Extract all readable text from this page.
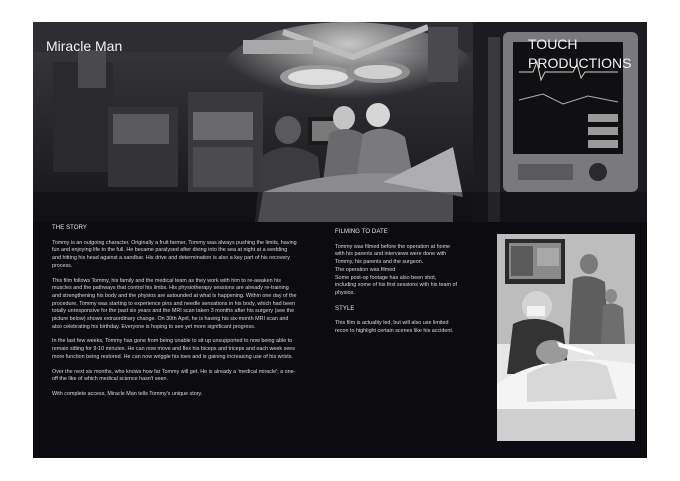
Miracle Man	TOUCH
PRODUCTIONS
THE STORY

Tommy is an outgoing character. Originally a fruit farmer, Tommy was always pushing the limits, having fun and enjoying life to the full. He became paralysed after diving into the sea at night at a wedding and hitting his head against a sandbar. His drive and determination is also a key part of his recovery process.

This film follows Tommy, his family and the medical team as they work with him to re-awaken his muscles and the pathways that control his limbs. His physiotherapy sessions are already re-training and strengthening his body and the physios are astounded at what is happening. Within one day of the procedure, Tommy was starting to experience pins and needle sensations in his body, which had been totally unresponsive for the past six years and the MRI scan taken 3 months after his surgery (see the picture below) shows extraordinary change. On 30th April, he is having his six-month MRI scan and also celebrating his birthday. Everyone is hoping to see yet more significant progress.

In the last few weeks, Tommy has gone from being unable to sit up unsupported to now being able to remain sitting for 9-10 minutes. He can now move and flex his biceps and triceps and each week sees more function being restored. He can now wriggle his toes and is gaining increasing use of his wrists.

Over the next six months, who knows how far Tommy will get. He is already a 'medical miracle'; a one-off the like of which medical science hasn't seen.

With complete access, Miracle Man tells Tommy's unique story.

FILMING TO DATE

Tommy was filmed before the operation at home with his parents and interviews were done with Tommy, his parents and the surgeon.

The operation was filmed

Some post-op footage has also been shot, including some of his first sessions with his team of physios.

STYLE

This film is actuality led, but will also use limited recon to highlight certain scenes like his accident.
